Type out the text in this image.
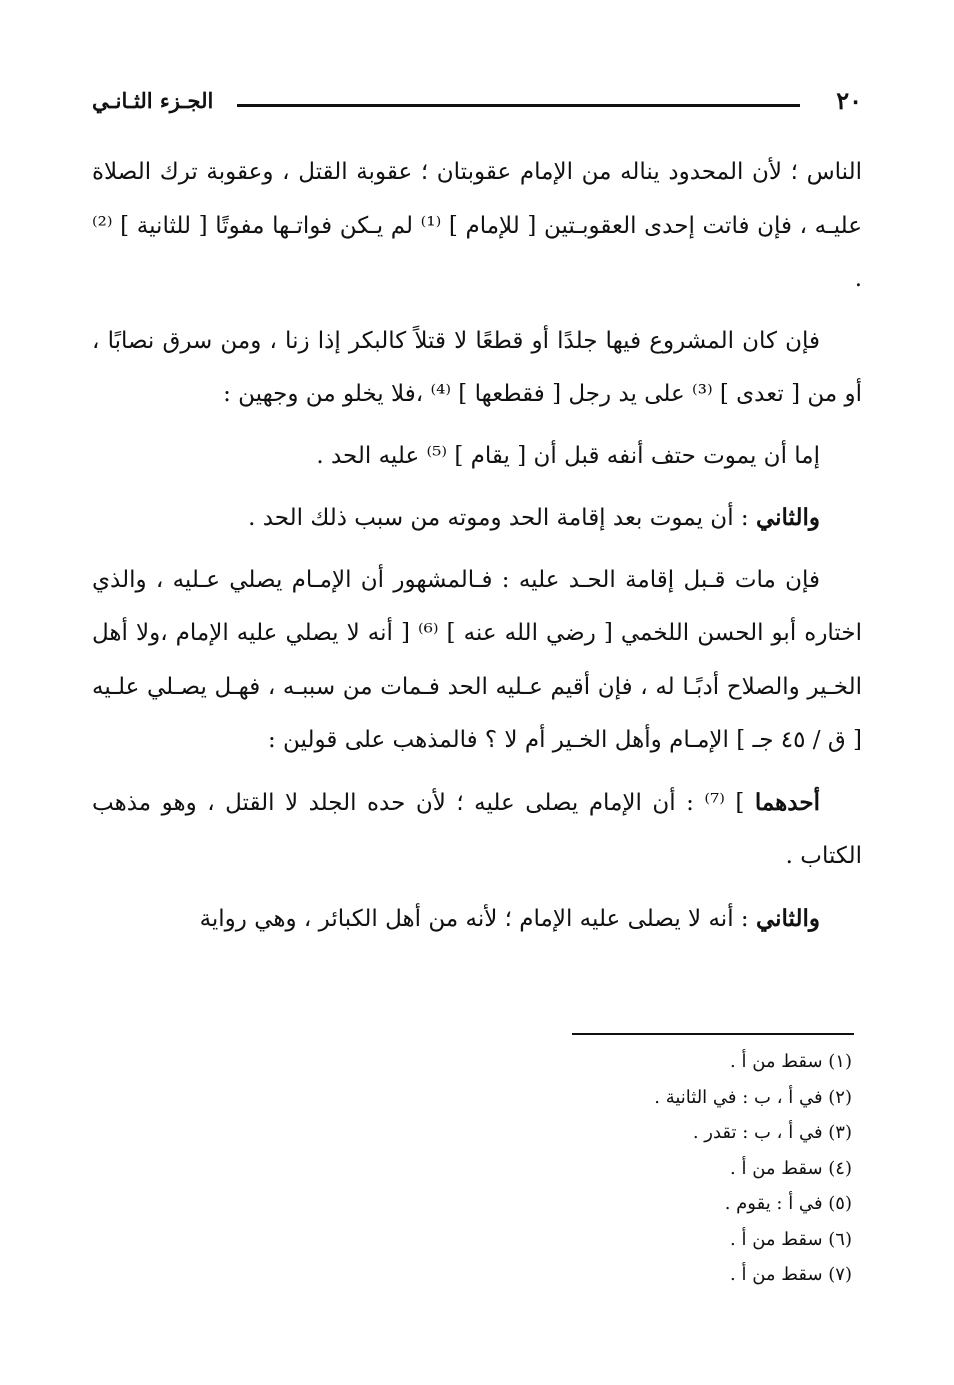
٢٠
الجـزء الثـانـي

الناس ؛ لأن المحدود يناله من الإمام عقوبتان ؛ عقوبة القتل ، وعقوبة ترك الصلاة عليـه ، فإن فاتت إحدى العقوبـتين [ للإمام ] ⁽¹⁾ لم يـكن فواتـها مفوتًا [ للثانية ] ⁽²⁾ .

فإن كان المشروع فيها جلدًا أو قطعًا لا قتلاً كالبكر إذا زنا ، ومن سرق نصابًا ، أو من [ تعدى ] ⁽³⁾ على يد رجل [ فقطعها ] ⁽⁴⁾ ،فلا يخلو من وجهين :

إما أن يموت حتف أنفه قبل أن [ يقام ] ⁽⁵⁾ عليه الحد .

والثاني : أن يموت بعد إقامة الحد وموته من سبب ذلك الحد .

فإن مات قـبل إقامة الحـد عليه : فـالمشهور أن الإمـام يصلي عـليه ، والذي اختاره أبو الحسن اللخمي [ رضي الله عنه ] ⁽⁶⁾ [ أنه لا يصلي عليه الإمام ،ولا أهل الخـير والصلاح أدبًـا له ، فإن أقيم عـليه الحد فـمات من سببـه ، فهـل يصـلي علـيه [ ق / ٤٥ جـ ] الإمـام وأهل الخـير أم لا ؟ فالمذهب على قولين :

أحدهما ] ⁽⁷⁾ : أن الإمام يصلى عليه ؛ لأن حده الجلد لا القتل ، وهو مذهب الكتاب .

والثاني : أنه لا يصلى عليه الإمام ؛ لأنه من أهل الكبائر ، وهي رواية

(١) سقط من أ .
(٢) في أ ، ب : في الثانية .
(٣) في أ ، ب : تقدر .
(٤) سقط من أ .
(٥) في أ : يقوم .
(٦) سقط من أ .
(٧) سقط من أ .
